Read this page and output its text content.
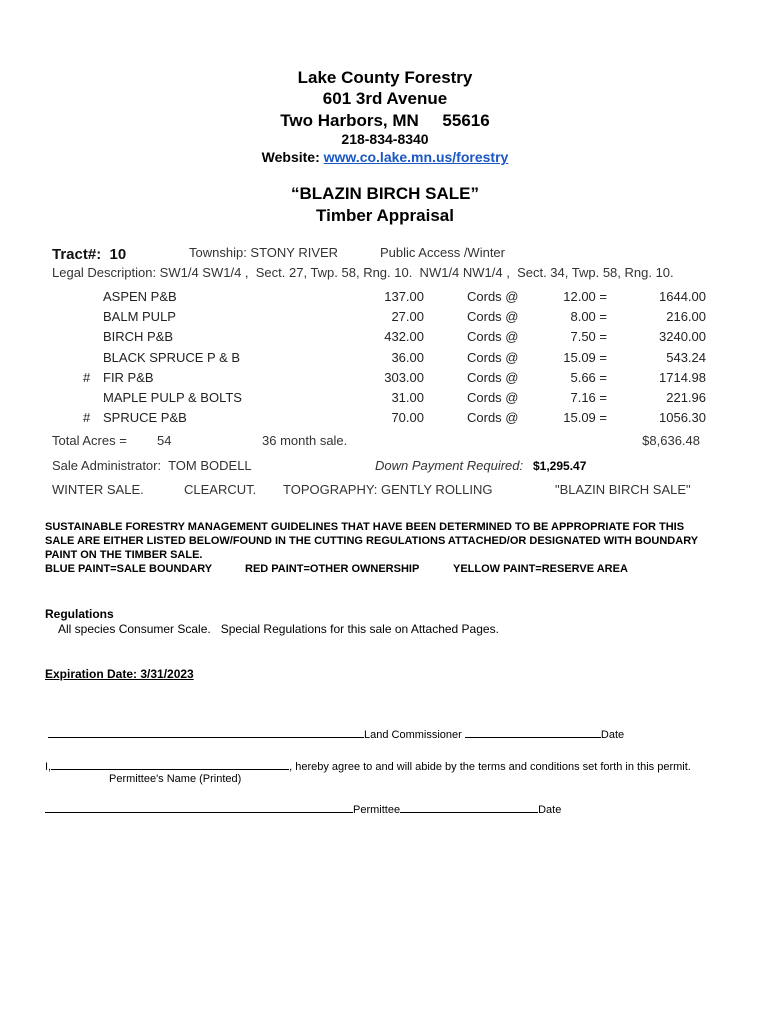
Lake County Forestry
601 3rd Avenue
Two Harbors, MN     55616
218-834-8340
Website: www.co.lake.mn.us/forestry
“BLAZIN BIRCH SALE”
Timber Appraisal
Tract#: 10	Township: STONY RIVER	Public Access /Winter
Legal Description: SW1/4 SW1/4 ,  Sect. 27, Twp. 58, Rng. 10.  NW1/4 NW1/4 ,  Sect. 34, Twp. 58, Rng. 10.
ASPEN P&B	137.00	Cords @	12.00 =	1644.00
BALM PULP	27.00	Cords @	8.00 =	216.00
BIRCH P&B	432.00	Cords @	7.50 =	3240.00
BLACK SPRUCE P & B	36.00	Cords @	15.09 =	543.24
# FIR P&B	303.00	Cords @	5.66 =	1714.98
MAPLE PULP & BOLTS	31.00	Cords @	7.16 =	221.96
# SPRUCE P&B	70.00	Cords @	15.09 =	1056.30
Total Acres = 54	36 month sale.	$8,636.48
Sale Administrator:  TOM BODELL	Down Payment Required: $1,295.47
WINTER SALE.	CLEARCUT. TOPOGRAPHY: GENTLY ROLLING	"BLAZIN BIRCH SALE"
SUSTAINABLE FORESTRY MANAGEMENT GUIDELINES THAT HAVE BEEN DETERMINED TO BE APPROPRIATE FOR THIS
SALE ARE EITHER LISTED BELOW/FOUND IN THE CUTTING REGULATIONS ATTACHED/OR DESIGNATED WITH BOUNDARY
PAINT ON THE TIMBER SALE.
BLUE PAINT=SALE BOUNDARY	RED PAINT=OTHER OWNERSHIP	YELLOW PAINT=RESERVE AREA
Regulations
All species Consumer Scale.   Special Regulations for this sale on Attached Pages.
Expiration Date: 3/31/2023
Land Commissioner	Date
I,	, hereby agree to and will abide by the terms and conditions set forth in this permit.
Permittee's Name (Printed)
Permittee	Date
